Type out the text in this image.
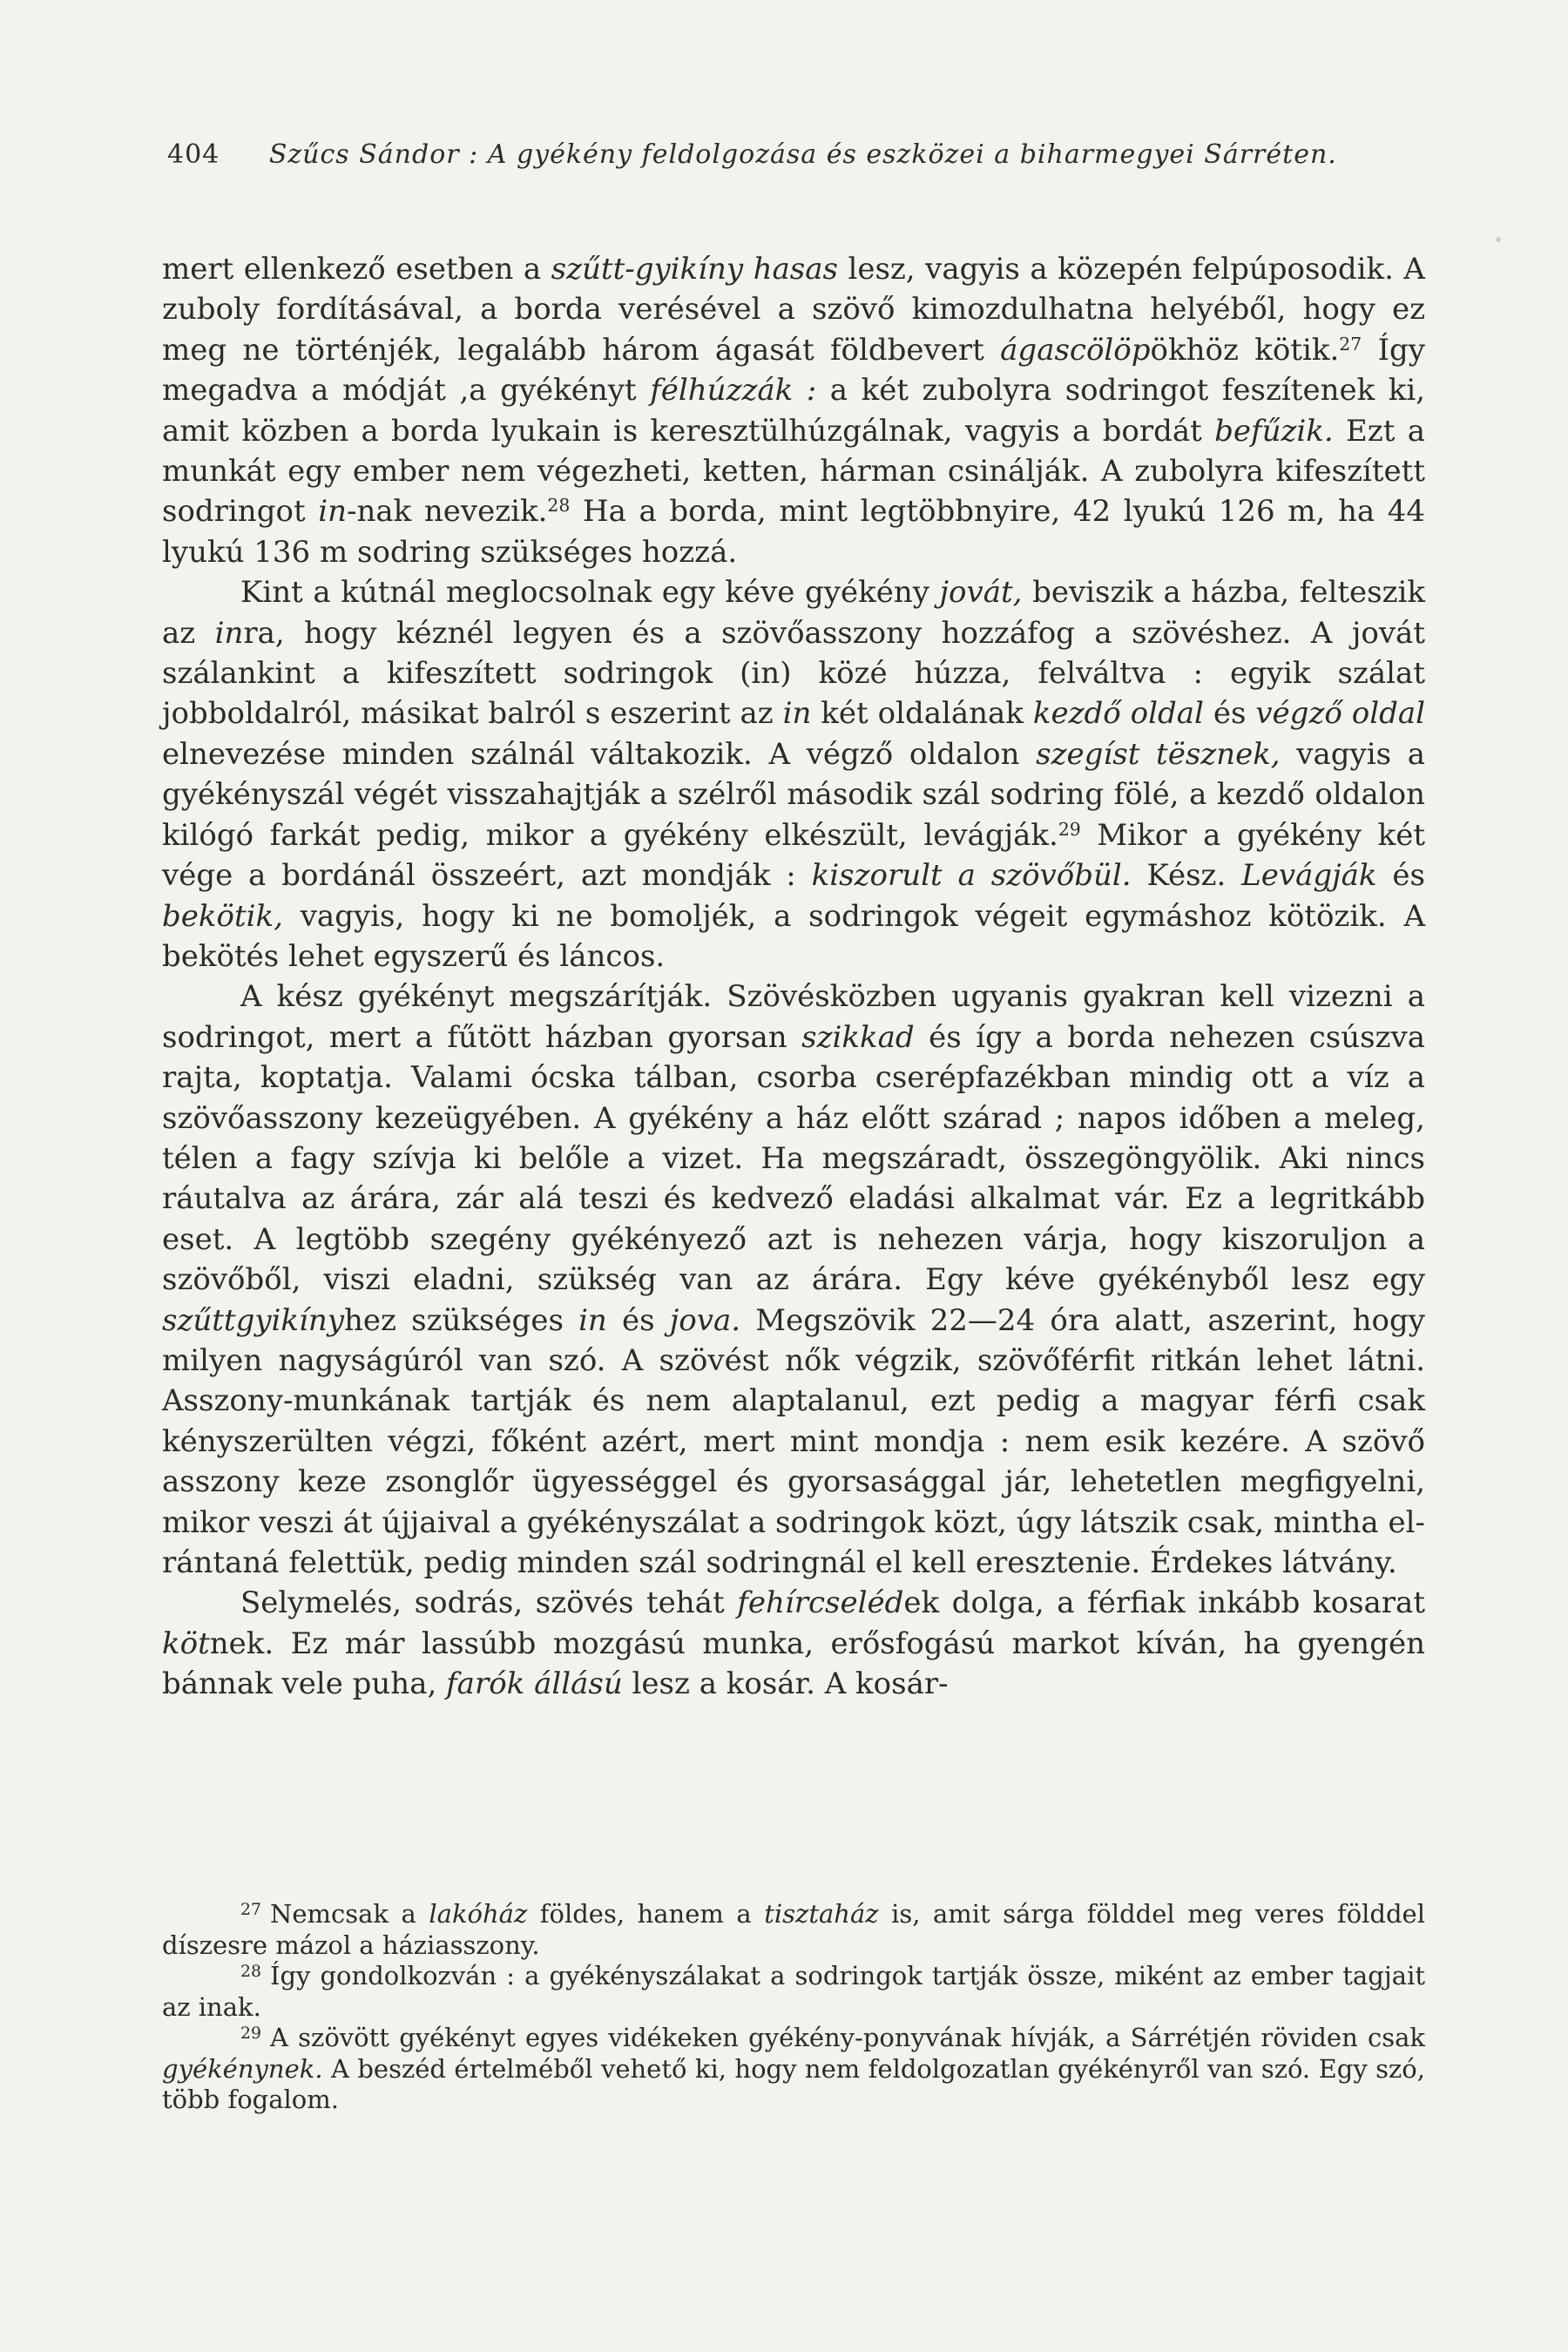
404 Szűcs Sándor : A gyékény feldolgozása és eszközei a biharmegyei Sárréten.

mert ellenkező esetben a szűtt-gyikíny hasas lesz, vagyis a közepén felpúposodik. A zuboly fordításával, a borda verésével a szövő kimozdulhatna helyéből, hogy ez meg ne történjék, legalább három ágasát földbevert ágascölöpökhöz kötik.$^{27}$ Így megadva a módját ,a gyékényt félhúzzák : a két zubolyra sodringot feszítenek ki, amit közben a borda lyukain is keresztülhúzgálnak, vagyis a bordát befűzik. Ezt a munkát egy ember nem végezheti, ketten, hárman csinálják. A zubolyra kifeszített sodringot in-nak nevezik.$^{28}$ Ha a borda, mint legtöbbnyire, 42 lyukú 126 m, ha 44 lyukú 136 m sodring szükséges hozzá.

Kint a kútnál meglocsolnak egy kéve gyékény jovát, beviszik a házba, felteszik az inra, hogy kéznél legyen és a szövőasszony hozzáfog a szövéshez. A jovát szálankint a kifeszített sodringok (in) közé húzza, felváltva : egyik szálat jobboldalról, másikat balról s eszerint az in két oldalának kezdő oldal és végző oldal elnevezése minden szálnál váltakozik. A végző oldalon szegíst tësznek, vagyis a gyékényszál végét visszahajtják a szélről második szál sodring fölé, a kezdő oldalon kilógó farkát pedig, mikor a gyékény elkészült, levágják.$^{29}$ Mikor a gyékény két vége a bordánál összeért, azt mondják : kiszorult a szövőbül. Kész. Levágják és bekötik, vagyis, hogy ki ne bomoljék, a sodringok végeit egymáshoz kötözik. A bekötés lehet egyszerű és láncos.

A kész gyékényt megszárítják. Szövésközben ugyanis gyakran kell vizezni a sodringot, mert a fűtött házban gyorsan szikkad és így a borda nehezen csúszva rajta, koptatja. Valami ócska tálban, csorba cserépfazékban mindig ott a víz a szövőasszony kezeügyében. A gyékény a ház előtt szárad ; napos időben a meleg, télen a fagy szívja ki belőle a vizet. Ha megszáradt, összegöngyölik. Aki nincs ráutalva az árára, zár alá teszi és kedvező eladási alkalmat vár. Ez a legritkább eset. A legtöbb szegény gyékényező azt is nehezen várja, hogy kiszoruljon a szövőből, viszi eladni, szükség van az árára. Egy kéve gyékényből lesz egy szűttgyikínyhez szükséges in és jova. Megszövik 22—24 óra alatt, aszerint, hogy milyen nagyságúról van szó. A szövést nők végzik, szövőférfit ritkán lehet látni. Asszony-munkának tartják és nem alaptalanul, ezt pedig a magyar férfi csak kényszerülten végzi, főként azért, mert mint mondja : nem esik kezére. A szövő asszony keze zsonglőr ügyességgel és gyorsasággal jár, lehetetlen megfigyelni, mikor veszi át újjaival a gyékényszálat a sodringok közt, úgy látszik csak, mintha elrántaná felettük, pedig minden szál sodringnál el kell eresztenie. Érdekes látvány.

Selymelés, sodrás, szövés tehát fehírcselédek dolga, a férfiak inkább kosarat kötnek. Ez már lassúbb mozgású munka, erősfogású markot kíván, ha gyengén bánnak vele puha, farók állású lesz a kosár. A kosár-

$^{27}$ Nemcsak a lakóház földes, hanem a tisztaház is, amit sárga földdel meg veres földdel díszesre mázol a háziasszony.

$^{28}$ Így gondolkozván : a gyékényszálakat a sodringok tartják össze, miként az ember tagjait az inak.

$^{29}$ A szövött gyékényt egyes vidékeken gyékény-ponyvának hívják, a Sárrétjén röviden csak gyékénynek. A beszéd értelméből vehető ki, hogy nem feldolgozatlan gyékényről van szó. Egy szó, több fogalom.
